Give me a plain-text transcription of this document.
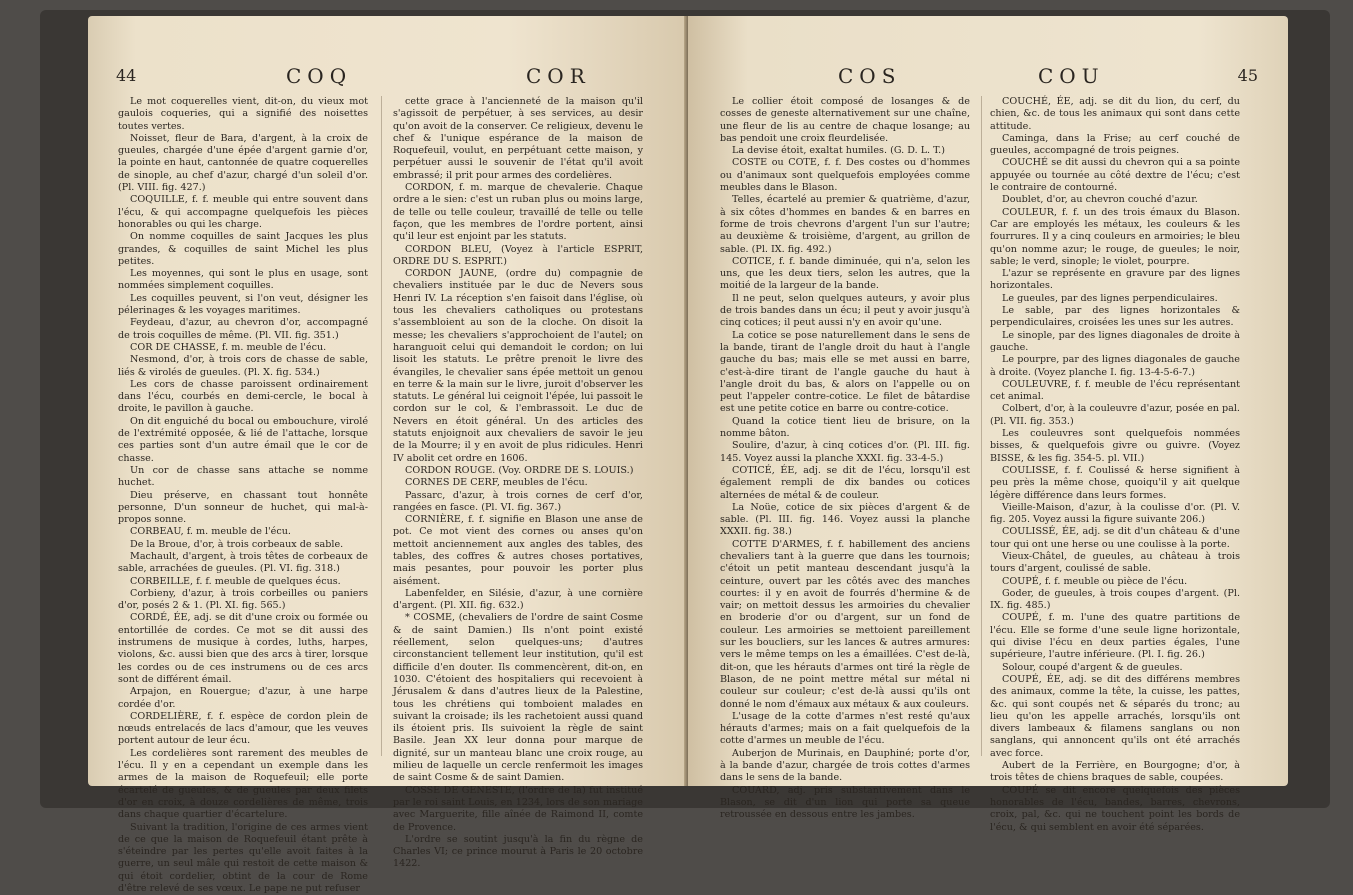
44	COQ	COR

Le mot coquerelles vient, dit-on, du vieux mot gaulois coqueries, qui a signifié des noisettes toutes vertes.

Noisset, fleur de Bara, d'argent, à la croix de gueules, chargée d'une épée d'argent garnie d'or, la pointe en haut, cantonnée de quatre coquerelles de sinople, au chef d'azur, chargé d'un soleil d'or. (Pl. VIII. fig. 427.)

COQUILLE, f. f. meuble qui entre souvent dans l'écu, & qui accompagne quelquefois les pièces honorables ou qui les charge.

On nomme coquilles de saint Jacques les plus grandes, & coquilles de saint Michel les plus petites.

Les moyennes, qui sont le plus en usage, sont nommées simplement coquilles.

Les coquilles peuvent, si l'on veut, désigner les pélerinages & les voyages maritimes.

Feydeau, d'azur, au chevron d'or, accompagné de trois coquilles de même. (Pl. VII. fig. 351.)

COR DE CHASSE, f. m. meuble de l'écu.

Nesmond, d'or, à trois cors de chasse de sable, liés & virolés de gueules. (Pl. X. fig. 534.)

Les cors de chasse paroissent ordinairement dans l'écu, courbés en demi-cercle, le bocal à droite, le pavillon à gauche.

On dit enguiché du bocal ou embouchure, virolé de l'extrémité opposée, & lié de l'attache, lorsque ces parties sont d'un autre émail que le cor de chasse.

Un cor de chasse sans attache se nomme huchet.

Dieu préserve, en chassant tout honnête personne, D'un sonneur de huchet, qui mal-à-propos sonne.

CORBEAU, f. m. meuble de l'écu.

De la Broue, d'or, à trois corbeaux de sable.

Machault, d'argent, à trois têtes de corbeaux de sable, arrachées de gueules. (Pl. VI. fig. 318.)

CORBEILLE, f. f. meuble de quelques écus.

Corbieny, d'azur, à trois corbeilles ou paniers d'or, posés 2 & 1. (Pl. XI. fig. 565.)

CORDÉ, ÉE, adj. se dit d'une croix ou formée ou entortillée de cordes. Ce mot se dit aussi des instrumens de musique à cordes, luths, harpes, violons, &c. aussi bien que des arcs à tirer, lorsque les cordes ou de ces instrumens ou de ces arcs sont de différent émail.

Arpajon, en Rouergue; d'azur, à une harpe cordée d'or.

CORDELIÈRE, f. f. espèce de cordon plein de nœuds entrelacés de lacs d'amour, que les veuves portent autour de leur écu.

Les cordelières sont rarement des meubles de l'écu. Il y en a cependant un exemple dans les armes de la maison de Roquefeuil; elle porte écartelé de gueules, & de gueules par deux filets d'or en croix, à douze cordelières de même, trois dans chaque quartier d'écartelure.

Suivant la tradition, l'origine de ces armes vient de ce que la maison de Roquefeuil étant prête à s'éteindre par les pertes qu'elle avoit faites à la guerre, un seul mâle qui restoit de cette maison & qui étoit cordelier, obtint de la cour de Rome d'être relevé de ses vœux. Le pape ne put refuser

cette grace à l'ancienneté de la maison qu'il s'agissoit de perpétuer, à ses services, au desir qu'on avoit de la conserver. Ce religieux, devenu le chef & l'unique espérance de la maison de Roquefeuil, voulut, en perpétuant cette maison, y perpétuer aussi le souvenir de l'état qu'il avoit embrassé; il prit pour armes des cordelières.

CORDON, f. m. marque de chevalerie. Chaque ordre a le sien: c'est un ruban plus ou moins large, de telle ou telle couleur, travaillé de telle ou telle façon, que les membres de l'ordre portent, ainsi qu'il leur est enjoint par les statuts.

CORDON BLEU, (Voyez à l'article ESPRIT, ORDRE DU S. ESPRIT.)

CORDON JAUNE, (ordre du) compagnie de chevaliers instituée par le duc de Nevers sous Henri IV. La réception s'en faisoit dans l'église, où tous les chevaliers catholiques ou protestans s'assembloient au son de la cloche. On disoit la messe; les chevaliers s'approchoient de l'autel; on haranguoit celui qui demandoit le cordon; on lui lisoit les statuts. Le prêtre prenoit le livre des évangiles, le chevalier sans épée mettoit un genou en terre & la main sur le livre, juroit d'observer les statuts. Le général lui ceignoit l'épée, lui passoit le cordon sur le col, & l'embrassoit. Le duc de Nevers en étoit général. Un des articles des statuts enjoignoit aux chevaliers de savoir le jeu de la Mourre; il y en avoit de plus ridicules. Henri IV abolit cet ordre en 1606.

CORDON ROUGE. (Voy. ORDRE DE S. LOUIS.)

CORNES DE CERF, meubles de l'écu.

Passarc, d'azur, à trois cornes de cerf d'or, rangées en fasce. (Pl. VI. fig. 367.)

CORNIÈRE, f. f. signifie en Blason une anse de pot. Ce mot vient des cornes ou anses qu'on mettoit anciennement aux angles des tables, des tables, des coffres & autres choses portatives, mais pesantes, pour pouvoir les porter plus aisément.

Labenfelder, en Silésie, d'azur, à une cornière d'argent. (Pl. XII. fig. 632.)

* COSME, (chevaliers de l'ordre de saint Cosme & de saint Damien.) Ils n'ont point existé réellement, selon quelques-uns; d'autres circonstancient tellement leur institution, qu'il est difficile d'en douter. Ils commencèrent, dit-on, en 1030. C'étoient des hospitaliers qui recevoient à Jérusalem & dans d'autres lieux de la Palestine, tous les chrétiens qui tomboient malades en suivant la croisade; ils les rachetoient aussi quand ils étoient pris. Ils suivoient la règle de saint Basile. Jean XX leur donna pour marque de dignité, sur un manteau blanc une croix rouge, au milieu de laquelle un cercle renfermoit les images de saint Cosme & de saint Damien.

COSSE DE GENESTE, (l'ordre de la) fut institué par le roi saint Louis, en 1234, lors de son mariage avec Marguerite, fille aînée de Raimond II, comte de Provence.

L'ordre se soutint jusqu'à la fin du règne de Charles VI; ce prince mourut à Paris le 20 octobre 1422.

COS	COU	45

Le collier étoit composé de losanges & de cosses de geneste alternativement sur une chaîne, une fleur de lis au centre de chaque losange; au bas pendoit une croix fleurdelisée.

La devise étoit, exaltat humiles. (G. D. L. T.)

COSTE ou COTE, f. f. Des costes ou d'hommes ou d'animaux sont quelquefois employées comme meubles dans le Blason.

Telles, écartelé au premier & quatrième, d'azur, à six côtes d'hommes en bandes & en barres en forme de trois chevrons d'argent l'un sur l'autre; au deuxième & troisième, d'argent, au grillon de sable. (Pl. IX. fig. 492.)

COTICE, f. f. bande diminuée, qui n'a, selon les uns, que les deux tiers, selon les autres, que la moitié de la largeur de la bande.

Il ne peut, selon quelques auteurs, y avoir plus de trois bandes dans un écu; il peut y avoir jusqu'à cinq cotices; il peut aussi n'y en avoir qu'une.

La cotice se pose naturellement dans le sens de la bande, tirant de l'angle droit du haut à l'angle gauche du bas; mais elle se met aussi en barre, c'est-à-dire tirant de l'angle gauche du haut à l'angle droit du bas, & alors on l'appelle ou on peut l'appeler contre-cotice. Le filet de bâtardise est une petite cotice en barre ou contre-cotice.

Quand la cotice tient lieu de brisure, on la nomme bâton.

Soulire, d'azur, à cinq cotices d'or. (Pl. III. fig. 145. Voyez aussi la planche XXXI. fig. 33-4-5.)

COTICÉ, ÉE, adj. se dit de l'écu, lorsqu'il est également rempli de dix bandes ou cotices alternées de métal & de couleur.

La Noüe, cotice de six pièces d'argent & de sable. (Pl. III. fig. 146. Voyez aussi la planche XXXII. fig. 38.)

COTTE D'ARMES, f. f. habillement des anciens chevaliers tant à la guerre que dans les tournois; c'étoit un petit manteau descendant jusqu'à la ceinture, ouvert par les côtés avec des manches courtes: il y en avoit de fourrés d'hermine & de vair; on mettoit dessus les armoiries du chevalier en broderie d'or ou d'argent, sur un fond de couleur. Les armoiries se mettoient pareillement sur les boucliers, sur les lances & autres armures: vers le même temps on les a émaillées. C'est de-là, dit-on, que les hérauts d'armes ont tiré la règle de Blason, de ne point mettre métal sur métal ni couleur sur couleur; c'est de-là aussi qu'ils ont donné le nom d'émaux aux métaux & aux couleurs.

L'usage de la cotte d'armes n'est resté qu'aux hérauts d'armes; mais on a fait quelquefois de la cotte d'armes un meuble de l'écu.

Auberjon de Murinais, en Dauphiné; porte d'or, à la bande d'azur, chargée de trois cottes d'armes dans le sens de la bande.

COUARD, adj. pris substantivement dans le Blason, se dit d'un lion qui porte sa queue retroussée en dessous entre les jambes.

COUCHÉ, ÉE, adj. se dit du lion, du cerf, du chien, &c. de tous les animaux qui sont dans cette attitude.

Caminga, dans la Frise; au cerf couché de gueules, accompagné de trois peignes.

COUCHÉ se dit aussi du chevron qui a sa pointe appuyée ou tournée au côté dextre de l'écu; c'est le contraire de contourné.

Doublet, d'or, au chevron couché d'azur.

COULEUR, f. f. un des trois émaux du Blason. Car are employés les métaux, les couleurs & les fourrures. Il y a cinq couleurs en armoiries; le bleu qu'on nomme azur; le rouge, de gueules; le noir, sable; le verd, sinople; le violet, pourpre.

L'azur se représente en gravure par des lignes horizontales.

Le gueules, par des lignes perpendiculaires.

Le sable, par des lignes horizontales & perpendiculaires, croisées les unes sur les autres.

Le sinople, par des lignes diagonales de droite à gauche.

Le pourpre, par des lignes diagonales de gauche à droite. (Voyez planche I. fig. 13-4-5-6-7.)

COULEUVRE, f. f. meuble de l'écu représentant cet animal.

Colbert, d'or, à la couleuvre d'azur, posée en pal. (Pl. VII. fig. 353.)

Les couleuvres sont quelquefois nommées bisses, & quelquefois givre ou guivre. (Voyez BISSE, & les fig. 354-5. pl. VII.)

COULISSE, f. f. Coulissé & herse signifient à peu près la même chose, quoiqu'il y ait quelque légère différence dans leurs formes.

Vieille-Maison, d'azur, à la coulisse d'or. (Pl. V. fig. 205. Voyez aussi la figure suivante 206.)

COULISSÉ, ÉE, adj. se dit d'un château & d'une tour qui ont une herse ou une coulisse à la porte.

Vieux-Châtel, de gueules, au château à trois tours d'argent, coulissé de sable.

COUPÉ, f. f. meuble ou pièce de l'écu.

Goder, de gueules, à trois coupes d'argent. (Pl. IX. fig. 485.)

COUPÉ, f. m. l'une des quatre partitions de l'écu. Elle se forme d'une seule ligne horizontale, qui divise l'écu en deux parties égales, l'une supérieure, l'autre inférieure. (Pl. I. fig. 26.)

Solour, coupé d'argent & de gueules.

COUPÉ, ÉE, adj. se dit des différens membres des animaux, comme la tête, la cuisse, les pattes, &c. qui sont coupés net & séparés du tronc; au lieu qu'on les appelle arrachés, lorsqu'ils ont divers lambeaux & filamens sanglans ou non sanglans, qui annoncent qu'ils ont été arrachés avec force.

Aubert de la Ferrière, en Bourgogne; d'or, à trois têtes de chiens braques de sable, coupées.

COUPÉ se dit encore quelquefois des pièces honorables de l'écu, bandes, barres, chevrons, croix, pal, &c. qui ne touchent point les bords de l'écu, & qui semblent en avoir été séparées.
